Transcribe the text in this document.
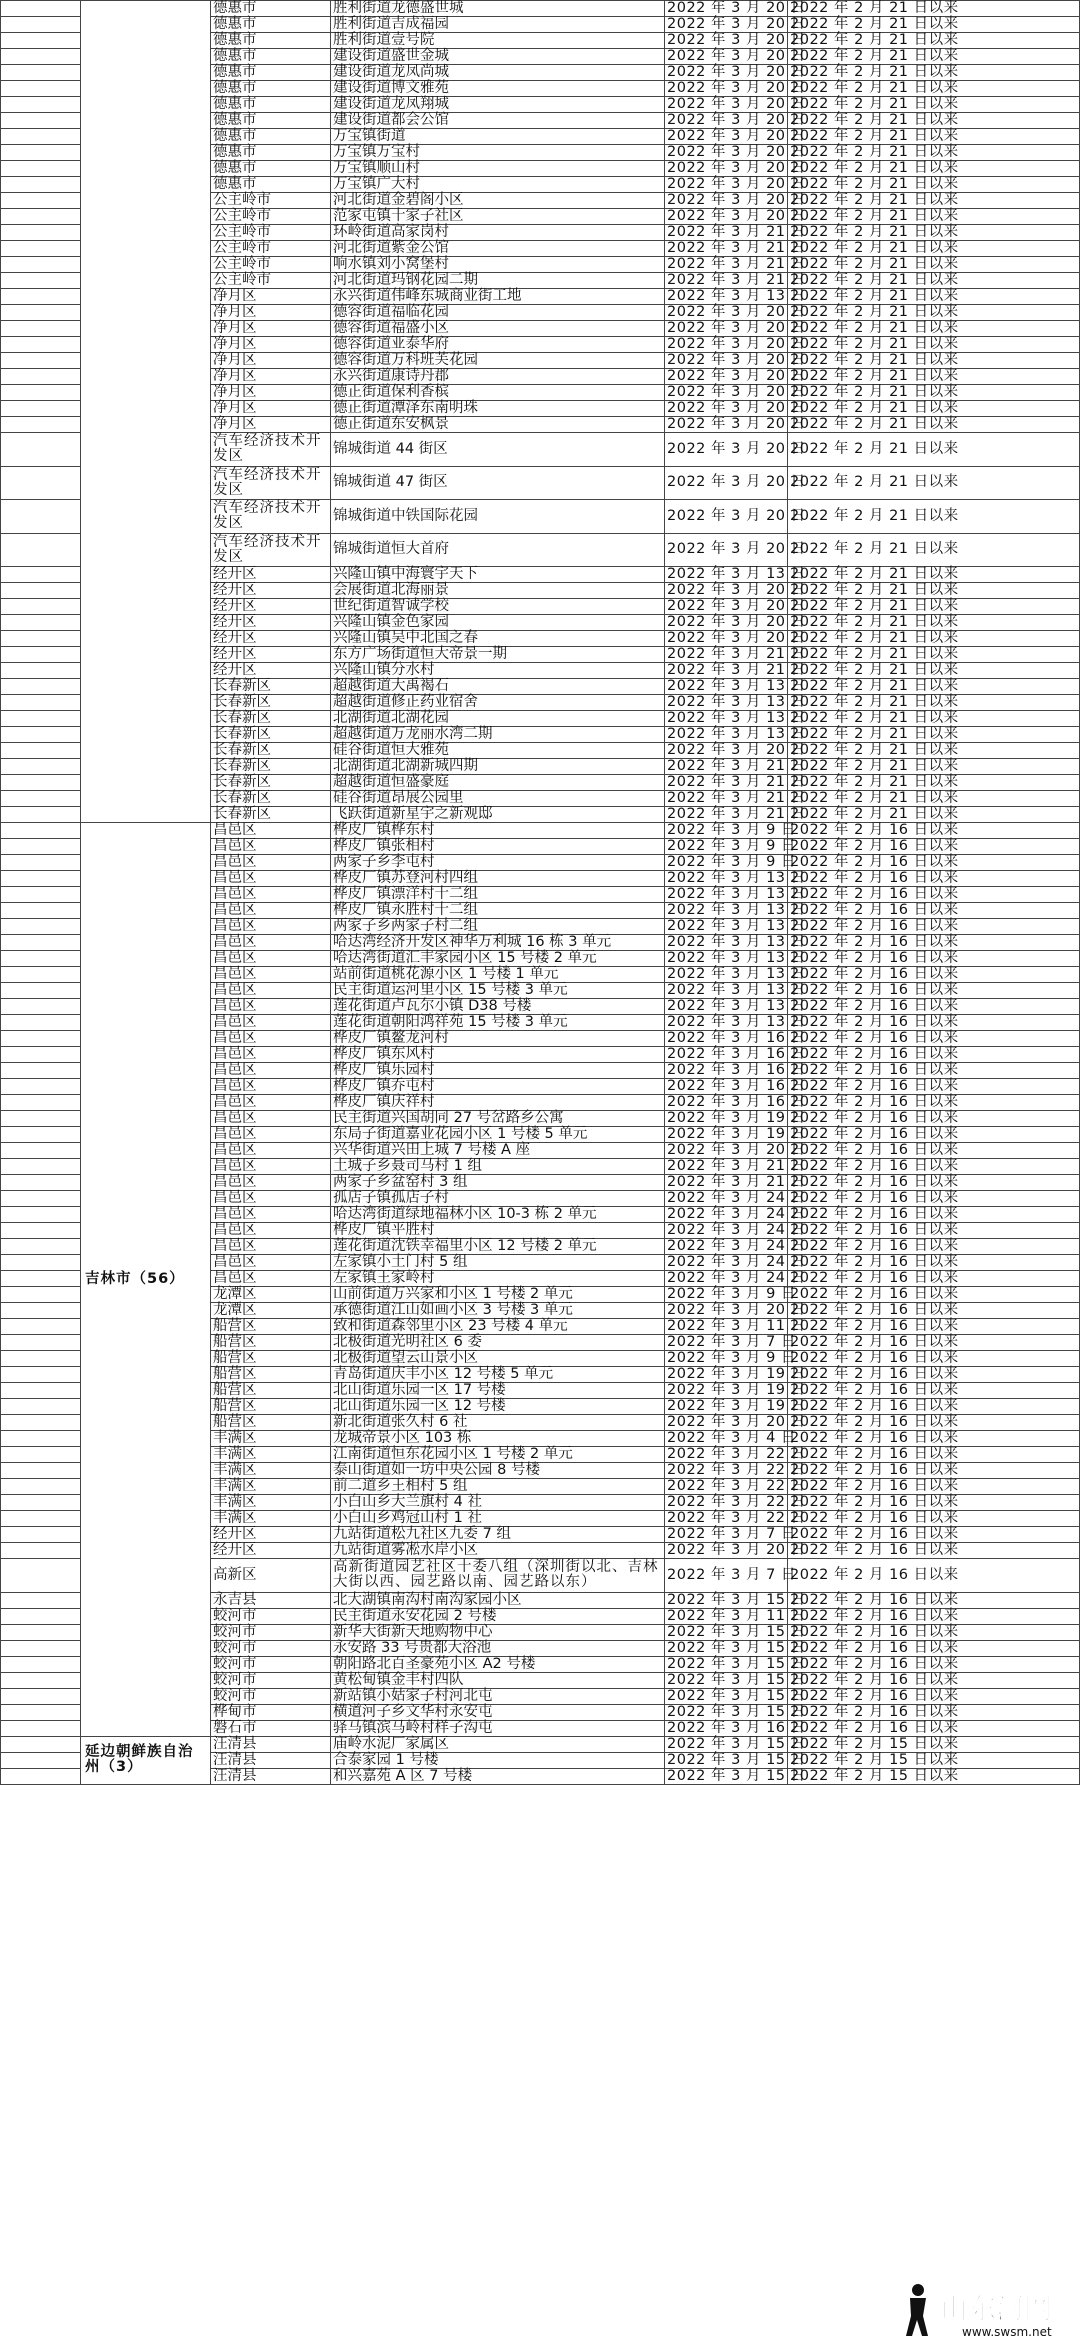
		德惠市	胜利街道龙德盛世城	2022 年 3 月 20 日	2022 年 2 月 21 日以来
		德惠市	胜利街道吉成福园	2022 年 3 月 20 日	2022 年 2 月 21 日以来
		德惠市	胜利街道壹号院	2022 年 3 月 20 日	2022 年 2 月 21 日以来
		德惠市	建设街道盛世金城	2022 年 3 月 20 日	2022 年 2 月 21 日以来
		德惠市	建设街道龙凤尚城	2022 年 3 月 20 日	2022 年 2 月 21 日以来
		德惠市	建设街道博文雅苑	2022 年 3 月 20 日	2022 年 2 月 21 日以来
		德惠市	建设街道龙凤翔城	2022 年 3 月 20 日	2022 年 2 月 21 日以来
		德惠市	建设街道都会公馆	2022 年 3 月 20 日	2022 年 2 月 21 日以来
		德惠市	万宝镇街道	2022 年 3 月 20 日	2022 年 2 月 21 日以来
		德惠市	万宝镇万宝村	2022 年 3 月 20 日	2022 年 2 月 21 日以来
		德惠市	万宝镇顺山村	2022 年 3 月 20 日	2022 年 2 月 21 日以来
		德惠市	万宝镇广大村	2022 年 3 月 20 日	2022 年 2 月 21 日以来
		公主岭市	河北街道金碧阁小区	2022 年 3 月 20 日	2022 年 2 月 21 日以来
		公主岭市	范家屯镇十家子社区	2022 年 3 月 20 日	2022 年 2 月 21 日以来
		公主岭市	环岭街道高家岗村	2022 年 3 月 21 日	2022 年 2 月 21 日以来
		公主岭市	河北街道紫金公馆	2022 年 3 月 21 日	2022 年 2 月 21 日以来
		公主岭市	响水镇刘小窝堡村	2022 年 3 月 21 日	2022 年 2 月 21 日以来
		公主岭市	河北街道玛钢花园二期	2022 年 3 月 21 日	2022 年 2 月 21 日以来
		净月区	永兴街道伟峰东城商业街工地	2022 年 3 月 13 日	2022 年 2 月 21 日以来
		净月区	德容街道福临花园	2022 年 3 月 20 日	2022 年 2 月 21 日以来
		净月区	德容街道福盛小区	2022 年 3 月 20 日	2022 年 2 月 21 日以来
		净月区	德容街道亚泰华府	2022 年 3 月 20 日	2022 年 2 月 21 日以来
		净月区	德容街道万科班芙花园	2022 年 3 月 20 日	2022 年 2 月 21 日以来
		净月区	永兴街道康诗丹郡	2022 年 3 月 20 日	2022 年 2 月 21 日以来
		净月区	德正街道保利香槟	2022 年 3 月 20 日	2022 年 2 月 21 日以来
		净月区	德正街道潭泽东南明珠	2022 年 3 月 20 日	2022 年 2 月 21 日以来
		净月区	德正街道东安枫景	2022 年 3 月 20 日	2022 年 2 月 21 日以来
		汽车经济技术开发区	锦城街道 44 街区	2022 年 3 月 20 日	2022 年 2 月 21 日以来
		汽车经济技术开发区	锦城街道 47 街区	2022 年 3 月 20 日	2022 年 2 月 21 日以来
		汽车经济技术开发区	锦城街道中铁国际花园	2022 年 3 月 20 日	2022 年 2 月 21 日以来
		汽车经济技术开发区	锦城街道恒大首府	2022 年 3 月 20 日	2022 年 2 月 21 日以来
		经开区	兴隆山镇中海寰宇天下	2022 年 3 月 13 日	2022 年 2 月 21 日以来
		经开区	会展街道北海丽景	2022 年 3 月 20 日	2022 年 2 月 21 日以来
		经开区	世纪街道智诚学校	2022 年 3 月 20 日	2022 年 2 月 21 日以来
		经开区	兴隆山镇金色家园	2022 年 3 月 20 日	2022 年 2 月 21 日以来
		经开区	兴隆山镇吴中北国之春	2022 年 3 月 20 日	2022 年 2 月 21 日以来
		经开区	东方广场街道恒大帝景一期	2022 年 3 月 21 日	2022 年 2 月 21 日以来
		经开区	兴隆山镇分水村	2022 年 3 月 21 日	2022 年 2 月 21 日以来
		长春新区	超越街道大禹褐石	2022 年 3 月 13 日	2022 年 2 月 21 日以来
		长春新区	超越街道修正药业宿舍	2022 年 3 月 13 日	2022 年 2 月 21 日以来
		长春新区	北湖街道北湖花园	2022 年 3 月 13 日	2022 年 2 月 21 日以来
		长春新区	超越街道万龙丽水湾二期	2022 年 3 月 13 日	2022 年 2 月 21 日以来
		长春新区	硅谷街道恒大雅苑	2022 年 3 月 20 日	2022 年 2 月 21 日以来
		长春新区	北湖街道北湖新城四期	2022 年 3 月 21 日	2022 年 2 月 21 日以来
		长春新区	超越街道恒盛豪庭	2022 年 3 月 21 日	2022 年 2 月 21 日以来
		长春新区	硅谷街道昂展公园里	2022 年 3 月 21 日	2022 年 2 月 21 日以来
		长春新区	飞跃街道新星宇之新观邸	2022 年 3 月 21 日	2022 年 2 月 21 日以来
	吉林市（56）	昌邑区	桦皮厂镇桦东村	2022 年 3 月 9 日	2022 年 2 月 16 日以来
		昌邑区	桦皮厂镇张相村	2022 年 3 月 9 日	2022 年 2 月 16 日以来
		昌邑区	两家子乡李屯村	2022 年 3 月 9 日	2022 年 2 月 16 日以来
		昌邑区	桦皮厂镇苏登河村四组	2022 年 3 月 13 日	2022 年 2 月 16 日以来
		昌邑区	桦皮厂镇漂洋村十二组	2022 年 3 月 13 日	2022 年 2 月 16 日以来
		昌邑区	桦皮厂镇永胜村十二组	2022 年 3 月 13 日	2022 年 2 月 16 日以来
		昌邑区	两家子乡两家子村二组	2022 年 3 月 13 日	2022 年 2 月 16 日以来
		昌邑区	哈达湾经济开发区神华万利城 16 栋 3 单元	2022 年 3 月 13 日	2022 年 2 月 16 日以来
		昌邑区	哈达湾街道汇丰家园小区 15 号楼 2 单元	2022 年 3 月 13 日	2022 年 2 月 16 日以来
		昌邑区	站前街道桃花源小区 1 号楼 1 单元	2022 年 3 月 13 日	2022 年 2 月 16 日以来
		昌邑区	民主街道运河里小区 15 号楼 3 单元	2022 年 3 月 13 日	2022 年 2 月 16 日以来
		昌邑区	莲花街道卢瓦尔小镇 D38 号楼	2022 年 3 月 13 日	2022 年 2 月 16 日以来
		昌邑区	莲花街道朝阳鸿祥苑 15 号楼 3 单元	2022 年 3 月 13 日	2022 年 2 月 16 日以来
		昌邑区	桦皮厂镇鳌龙河村	2022 年 3 月 16 日	2022 年 2 月 16 日以来
		昌邑区	桦皮厂镇东风村	2022 年 3 月 16 日	2022 年 2 月 16 日以来
		昌邑区	桦皮厂镇乐园村	2022 年 3 月 16 日	2022 年 2 月 16 日以来
		昌邑区	桦皮厂镇乔屯村	2022 年 3 月 16 日	2022 年 2 月 16 日以来
		昌邑区	桦皮厂镇庆祥村	2022 年 3 月 16 日	2022 年 2 月 16 日以来
		昌邑区	民主街道兴国胡同 27 号岔路乡公寓	2022 年 3 月 19 日	2022 年 2 月 16 日以来
		昌邑区	东局子街道嘉业花园小区 1 号楼 5 单元	2022 年 3 月 19 日	2022 年 2 月 16 日以来
		昌邑区	兴华街道兴田上城 7 号楼 A 座	2022 年 3 月 20 日	2022 年 2 月 16 日以来
		昌邑区	土城子乡聂司马村 1 组	2022 年 3 月 21 日	2022 年 2 月 16 日以来
		昌邑区	两家子乡盆窑村 3 组	2022 年 3 月 21 日	2022 年 2 月 16 日以来
		昌邑区	孤店子镇孤店子村	2022 年 3 月 24 日	2022 年 2 月 16 日以来
		昌邑区	哈达湾街道绿地福林小区 10-3 栋 2 单元	2022 年 3 月 24 日	2022 年 2 月 16 日以来
		昌邑区	桦皮厂镇平胜村	2022 年 3 月 24 日	2022 年 2 月 16 日以来
		昌邑区	莲花街道沈铁幸福里小区 12 号楼 2 单元	2022 年 3 月 24 日	2022 年 2 月 16 日以来
		昌邑区	左家镇小土门村 5 组	2022 年 3 月 24 日	2022 年 2 月 16 日以来
		昌邑区	左家镇王家岭村	2022 年 3 月 24 日	2022 年 2 月 16 日以来
		龙潭区	山前街道万兴家和小区 1 号楼 2 单元	2022 年 3 月 9 日	2022 年 2 月 16 日以来
		龙潭区	承德街道江山如画小区 3 号楼 3 单元	2022 年 3 月 20 日	2022 年 2 月 16 日以来
		船营区	致和街道森邻里小区 23 号楼 4 单元	2022 年 3 月 11 日	2022 年 2 月 16 日以来
		船营区	北极街道光明社区 6 委	2022 年 3 月 7 日	2022 年 2 月 16 日以来
		船营区	北极街道望云山景小区	2022 年 3 月 9 日	2022 年 2 月 16 日以来
		船营区	青岛街道庆丰小区 12 号楼 5 单元	2022 年 3 月 19 日	2022 年 2 月 16 日以来
		船营区	北山街道乐园一区 17 号楼	2022 年 3 月 19 日	2022 年 2 月 16 日以来
		船营区	北山街道乐园一区 12 号楼	2022 年 3 月 19 日	2022 年 2 月 16 日以来
		船营区	新北街道张久村 6 社	2022 年 3 月 20 日	2022 年 2 月 16 日以来
		丰满区	龙城帝景小区 103 栋	2022 年 3 月 4 日	2022 年 2 月 16 日以来
		丰满区	江南街道恒东花园小区 1 号楼 2 单元	2022 年 3 月 22 日	2022 年 2 月 16 日以来
		丰满区	泰山街道如一坊中央公园 8 号楼	2022 年 3 月 22 日	2022 年 2 月 16 日以来
		丰满区	前二道乡王相村 5 组	2022 年 3 月 22 日	2022 年 2 月 16 日以来
		丰满区	小白山乡大兰旗村 4 社	2022 年 3 月 22 日	2022 年 2 月 16 日以来
		丰满区	小白山乡鸡冠山村 1 社	2022 年 3 月 22 日	2022 年 2 月 16 日以来
		经开区	九站街道松九社区九委 7 组	2022 年 3 月 7 日	2022 年 2 月 16 日以来
		经开区	九站街道雾凇水岸小区	2022 年 3 月 20 日	2022 年 2 月 16 日以来
		高新区	高新街道园艺社区十委八组（深圳街以北、吉林大街以西、园艺路以南、园艺路以东）	2022 年 3 月 7 日	2022 年 2 月 16 日以来
		永吉县	北大湖镇南沟村南沟家园小区	2022 年 3 月 15 日	2022 年 2 月 16 日以来
		蛟河市	民主街道永安花园 2 号楼	2022 年 3 月 11 日	2022 年 2 月 16 日以来
		蛟河市	新华大街新天地购物中心	2022 年 3 月 15 日	2022 年 2 月 16 日以来
		蛟河市	永安路 33 号贵都大浴池	2022 年 3 月 15 日	2022 年 2 月 16 日以来
		蛟河市	朝阳路北百圣豪苑小区 A2 号楼	2022 年 3 月 15 日	2022 年 2 月 16 日以来
		蛟河市	黄松甸镇金丰村四队	2022 年 3 月 15 日	2022 年 2 月 16 日以来
		蛟河市	新站镇小姑家子村河北屯	2022 年 3 月 15 日	2022 年 2 月 16 日以来
		桦甸市	横道河子乡文华村永安屯	2022 年 3 月 15 日	2022 年 2 月 16 日以来
		磐石市	驿马镇滨马岭村样子沟屯	2022 年 3 月 16 日	2022 年 2 月 16 日以来
	延边朝鲜族自治州（3）	汪清县	庙岭水泥厂家属区	2022 年 3 月 15 日	2022 年 2 月 15 日以来
		汪清县	合泰家园 1 号楼	2022 年 3 月 15 日	2022 年 2 月 15 日以来
		汪清县	和兴嘉苑 A 区 7 号楼	2022 年 3 月 15 日	2022 年 2 月 15 日以来
山东河网
www.swsm.net
